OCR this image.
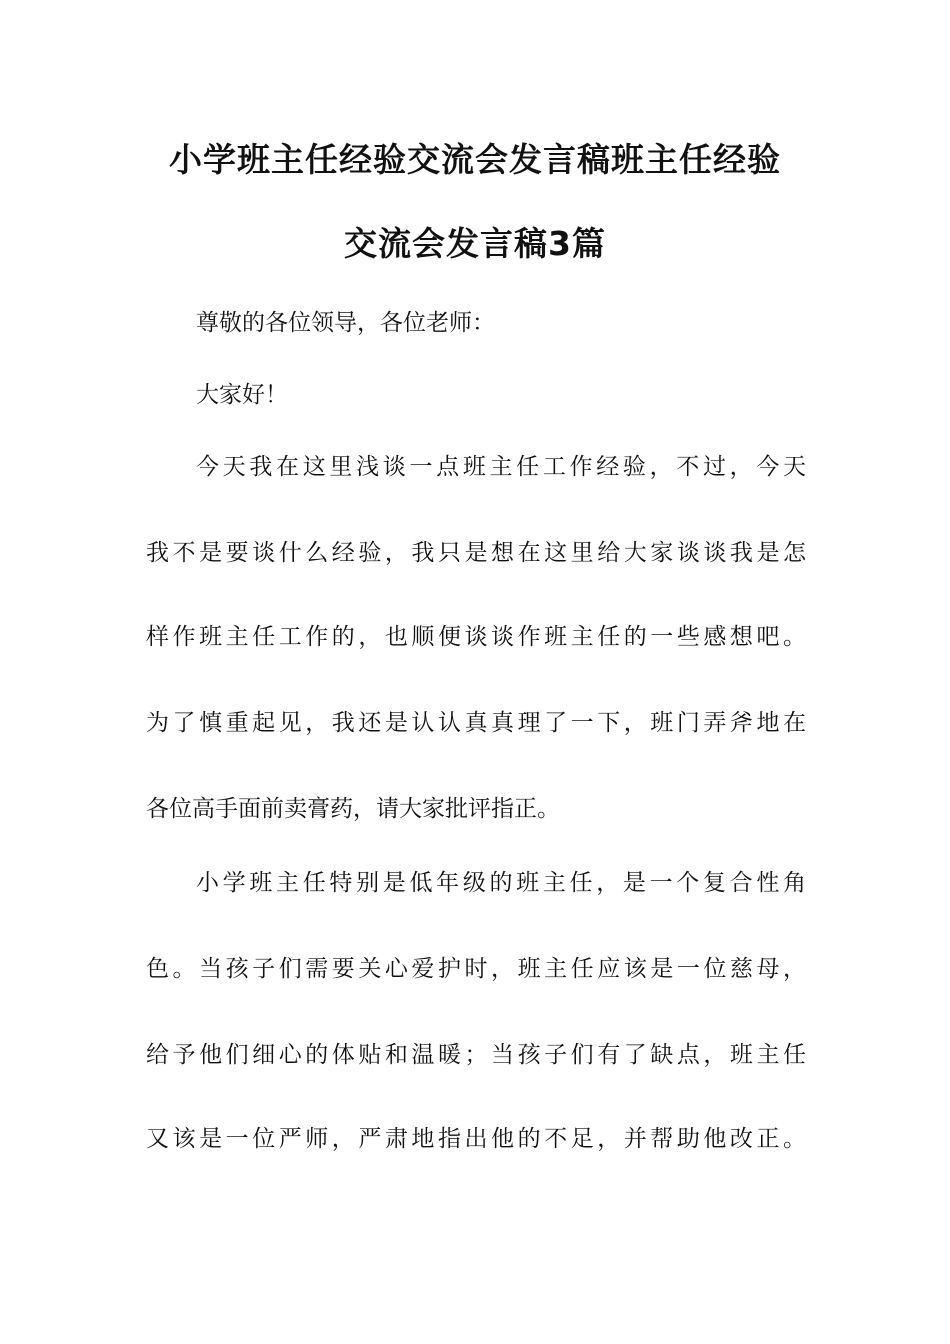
小学班主任经验交流会发言稿班主任经验
交流会发言稿3篇
尊敬的各位领导，各位老师：
大家好！
今天我在这里浅谈一点班主任工作经验，不过，今天
我不是要谈什么经验，我只是想在这里给大家谈谈我是怎
样作班主任工作的，也顺便谈谈作班主任的一些感想吧。
为了慎重起见，我还是认认真真理了一下，班门弄斧地在
各位高手面前卖膏药，请大家批评指正。
小学班主任特别是低年级的班主任，是一个复合性角
色。当孩子们需要关心爱护时，班主任应该是一位慈母，
给予他们细心的体贴和温暖；当孩子们有了缺点，班主任
又该是一位严师，严肃地指出他的不足，并帮助他改正。
